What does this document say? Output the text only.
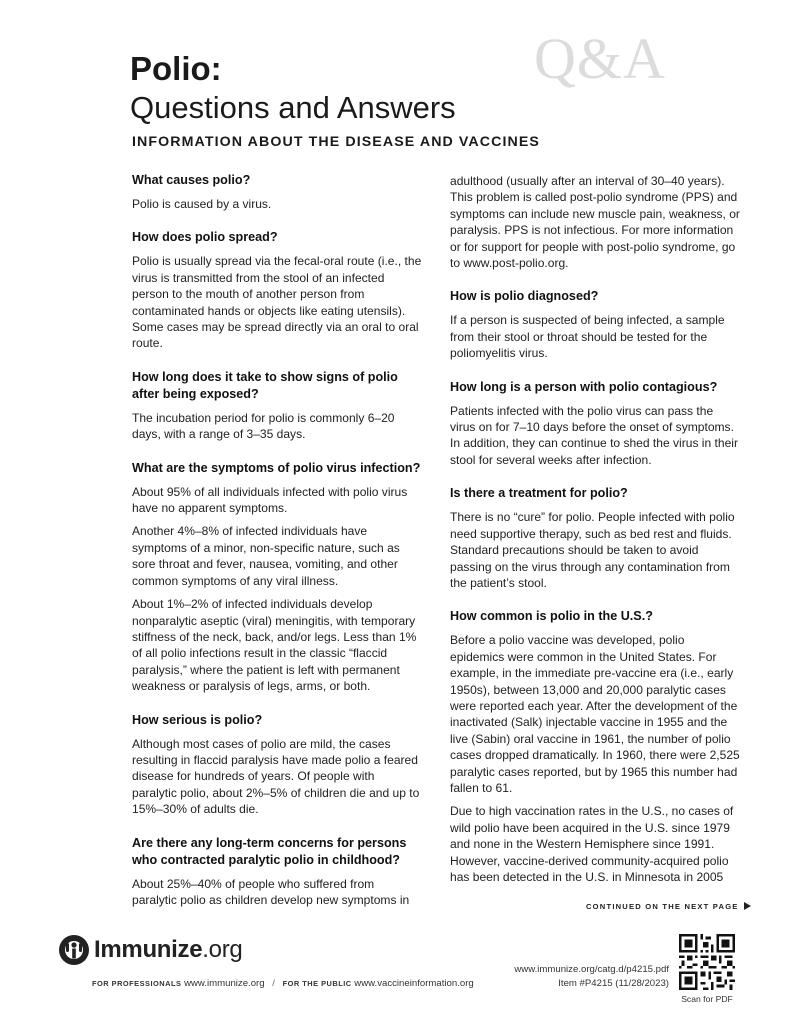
Q&A
Polio:
Questions and Answers
INFORMATION ABOUT THE DISEASE AND VACCINES
What causes polio?

Polio is caused by a virus.

How does polio spread?

Polio is usually spread via the fecal-oral route (i.e., the virus is transmitted from the stool of an infected person to the mouth of another person from contaminated hands or objects like eating utensils). Some cases may be spread directly via an oral to oral route.

How long does it take to show signs of polio after being exposed?

The incubation period for polio is commonly 6–20 days, with a range of 3–35 days.

What are the symptoms of polio virus infection?

About 95% of all individuals infected with polio virus have no apparent symptoms.

Another 4%–8% of infected individuals have symptoms of a minor, non-specific nature, such as sore throat and fever, nausea, vomiting, and other common symptoms of any viral illness.

About 1%–2% of infected individuals develop nonparalytic aseptic (viral) meningitis, with temporary stiffness of the neck, back, and/or legs. Less than 1% of all polio infections result in the classic “flaccid paralysis,” where the patient is left with permanent weakness or paralysis of legs, arms, or both.

How serious is polio?

Although most cases of polio are mild, the cases resulting in flaccid paralysis have made polio a feared disease for hundreds of years. Of people with paralytic polio, about 2%–5% of children die and up to 15%–30% of adults die.

Are there any long-term concerns for persons who contracted paralytic polio in childhood?

About 25%–40% of people who suffered from paralytic polio as children develop new symptoms in

adulthood (usually after an interval of 30–40 years). This problem is called post-polio syndrome (PPS) and symptoms can include new muscle pain, weakness, or paralysis. PPS is not infectious. For more information or for support for people with post-polio syndrome, go to www.post-polio.org.

How is polio diagnosed?

If a person is suspected of being infected, a sample from their stool or throat should be tested for the poliomyelitis virus.

How long is a person with polio contagious?

Patients infected with the polio virus can pass the virus on for 7–10 days before the onset of symptoms. In addition, they can continue to shed the virus in their stool for several weeks after infection.

Is there a treatment for polio?

There is no “cure” for polio. People infected with polio need supportive therapy, such as bed rest and fluids. Standard precautions should be taken to avoid passing on the virus through any contamination from the patient’s stool.

How common is polio in the U.S.?

Before a polio vaccine was developed, polio epidemics were common in the United States. For example, in the immediate pre-vaccine era (i.e., early 1950s), between 13,000 and 20,000 paralytic cases were reported each year. After the development of the inactivated (Salk) injectable vaccine in 1955 and the live (Sabin) oral vaccine in 1961, the number of polio cases dropped dramatically. In 1960, there were 2,525 paralytic cases reported, but by 1965 this number had fallen to 61.

Due to high vaccination rates in the U.S., no cases of wild polio have been acquired in the U.S. since 1979 and none in the Western Hemisphere since 1991. However, vaccine-derived community-acquired polio has been detected in the U.S. in Minnesota in 2005

CONTINUED ON THE NEXT PAGE
Immunize.org
FOR PROFESSIONALS www.immunize.org / FOR THE PUBLIC www.vaccineinformation.org
www.immunize.org/catg.d/p4215.pdf
Item #P4215 (11/28/2023)
Scan for PDF
